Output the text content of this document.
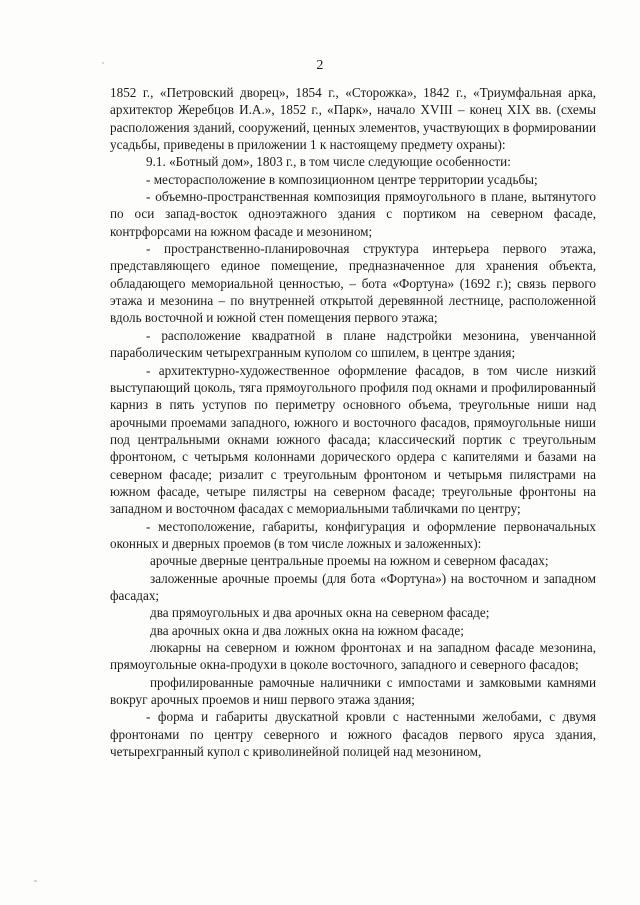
2

1852 г., «Петровский дворец», 1854 г., «Сторожка», 1842 г., «Триумфальная арка, архитектор Жеребцов И.А.», 1852 г., «Парк», начало XVIII – конец XIX вв. (схемы расположения зданий, сооружений, ценных элементов, участвующих в формировании усадьбы, приведены в приложении 1 к настоящему предмету охраны):

9.1. «Ботный дом», 1803 г., в том числе следующие особенности:

- месторасположение в композиционном центре территории усадьбы;

- объемно-пространственная композиция прямоугольного в плане, вытянутого по оси запад-восток одноэтажного здания с портиком на северном фасаде, контрфорсами на южном фасаде и мезонином;

- пространственно-планировочная структура интерьера первого этажа, представляющего единое помещение, предназначенное для хранения объекта, обладающего мемориальной ценностью, – бота «Фортуна» (1692 г.); связь первого этажа и мезонина – по внутренней открытой деревянной лестнице, расположенной вдоль восточной и южной стен помещения первого этажа;

- расположение квадратной в плане надстройки мезонина, увенчанной параболическим четырехгранным куполом со шпилем, в центре здания;

- архитектурно-художественное оформление фасадов, в том числе низкий выступающий цоколь, тяга прямоугольного профиля под окнами и профилированный карниз в пять уступов по периметру основного объема, треугольные ниши над арочными проемами западного, южного и восточного фасадов, прямоугольные ниши под центральными окнами южного фасада; классический портик с треугольным фронтоном, с четырьмя колоннами дорического ордера с капителями и базами на северном фасаде; ризалит с треугольным фронтоном и четырьмя пилястрами на южном фасаде, четыре пилястры на северном фасаде; треугольные фронтоны на западном и восточном фасадах с мемориальными табличками по центру;

- местоположение, габариты, конфигурация и оформление первоначальных оконных и дверных проемов (в том числе ложных и заложенных):

арочные дверные центральные проемы на южном и северном фасадах;

заложенные арочные проемы (для бота «Фортуна») на восточном и западном фасадах;

два прямоугольных и два арочных окна на северном фасаде;

два арочных окна и два ложных окна на южном фасаде;

люкарны на северном и южном фронтонах и на западном фасаде мезонина, прямоугольные окна-продухи в цоколе восточного, западного и северного фасадов;

профилированные рамочные наличники с импостами и замковыми камнями вокруг арочных проемов и ниш первого этажа здания;

- форма и габариты двускатной кровли с настенными желобами, с двумя фронтонами по центру северного и южного фасадов первого яруса здания, четырехгранный купол с криволинейной полицей над мезонином,
